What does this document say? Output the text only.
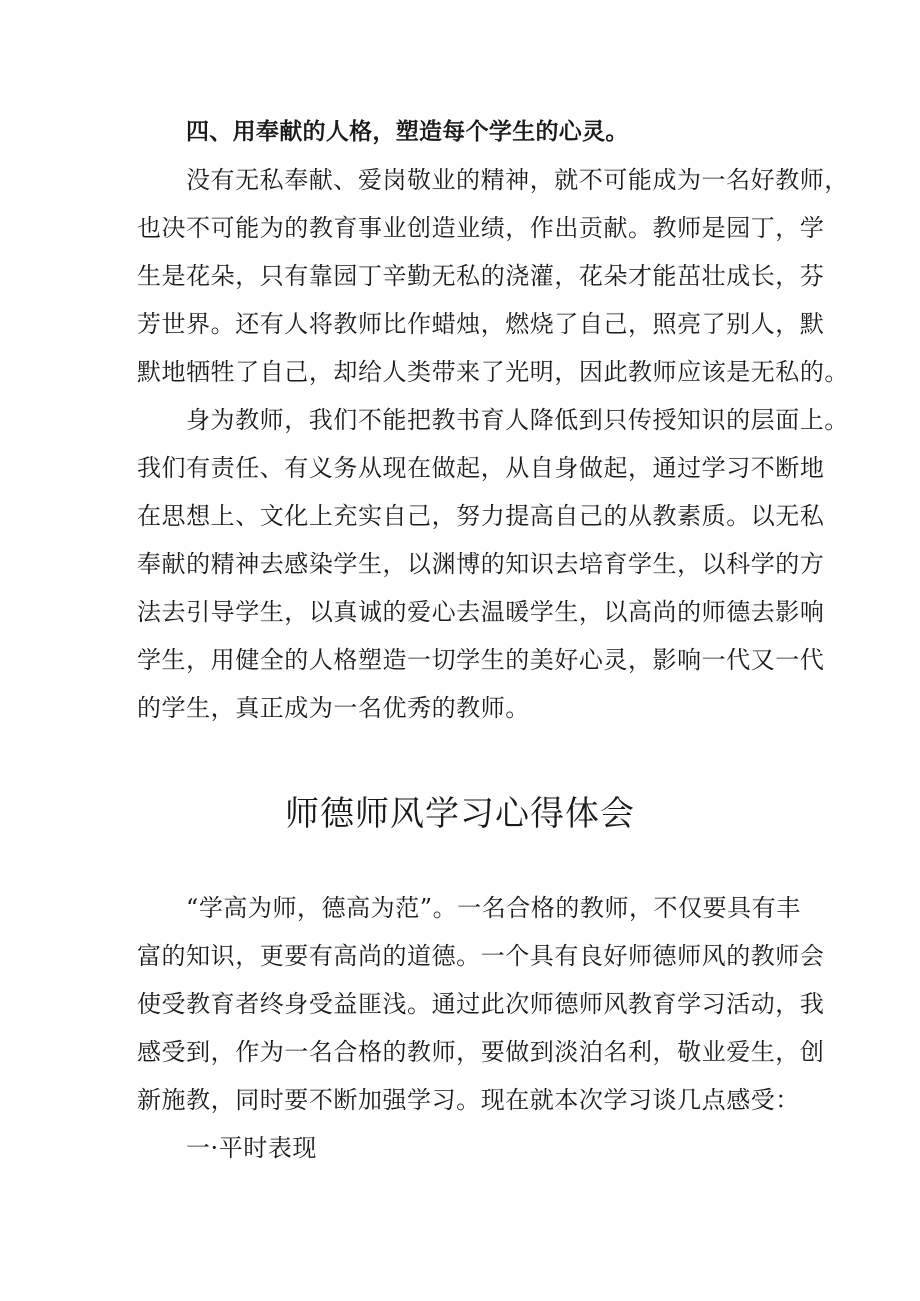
四、用奉献的人格，塑造每个学生的心灵。

没有无私奉献、爱岗敬业的精神，就不可能成为一名好教师，

也决不可能为的教育事业创造业绩，作出贡献。教师是园丁，学

生是花朵，只有靠园丁辛勤无私的浇灌，花朵才能茁壮成长，芬

芳世界。还有人将教师比作蜡烛，燃烧了自己，照亮了别人，默

默地牺牲了自己，却给人类带来了光明，因此教师应该是无私的。

身为教师，我们不能把教书育人降低到只传授知识的层面上。

我们有责任、有义务从现在做起，从自身做起，通过学习不断地

在思想上、文化上充实自己，努力提高自己的从教素质。以无私

奉献的精神去感染学生，以渊博的知识去培育学生，以科学的方

法去引导学生，以真诚的爱心去温暖学生，以高尚的师德去影响

学生，用健全的人格塑造一切学生的美好心灵，影响一代又一代

的学生，真正成为一名优秀的教师。

师德师风学习心得体会

“学高为师，德高为范”。一名合格的教师，不仅要具有丰

富的知识，更要有高尚的道德。一个具有良好师德师风的教师会

使受教育者终身受益匪浅。通过此次师德师风教育学习活动，我

感受到，作为一名合格的教师，要做到淡泊名利，敬业爱生，创

新施教，同时要不断加强学习。现在就本次学习谈几点感受：

一·平时表现
